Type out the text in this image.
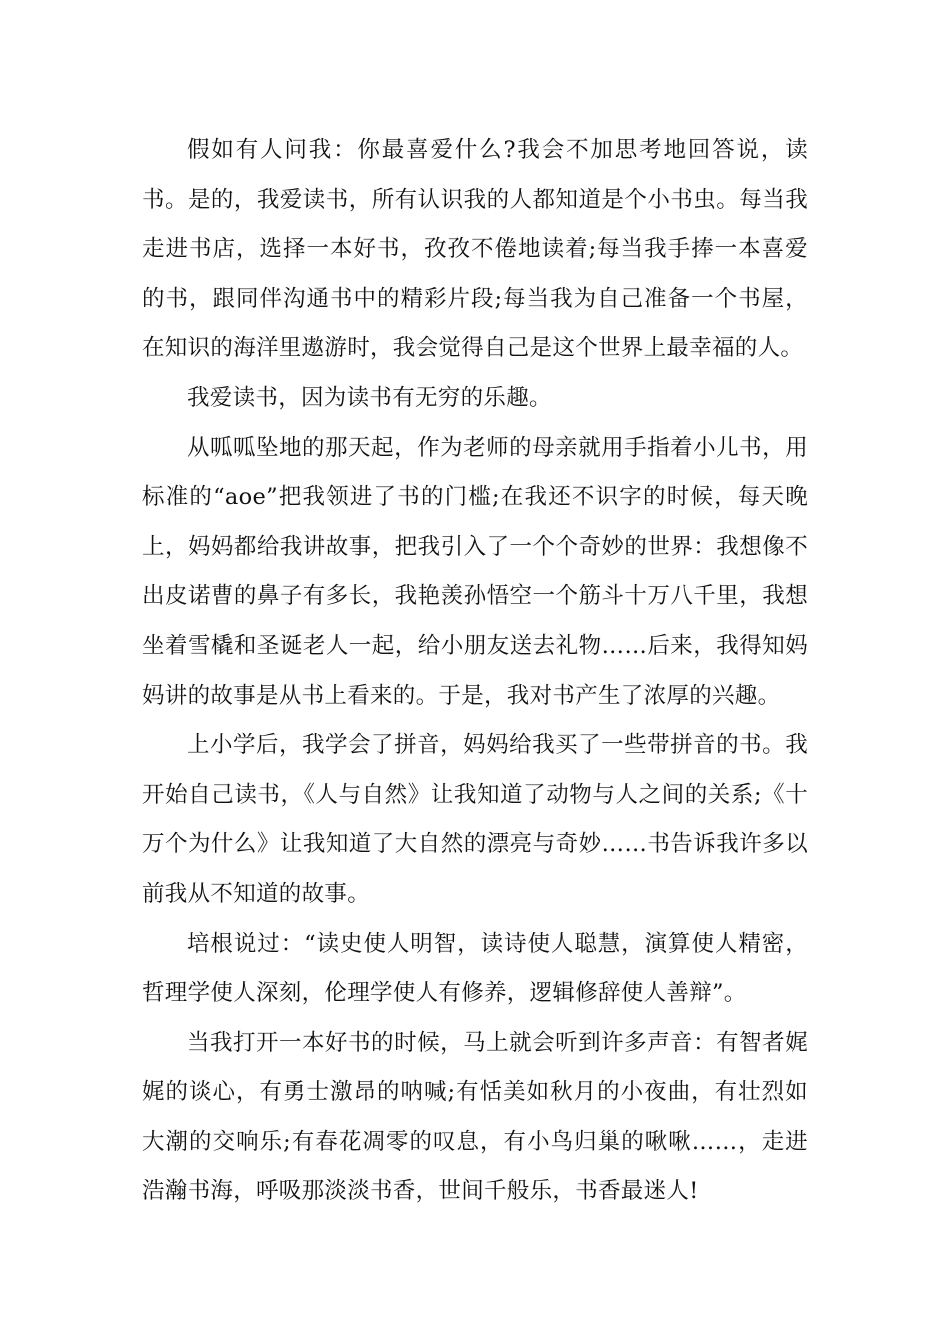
假如有人问我：你最喜爱什么?我会不加思考地回答说，读书。是的，我爱读书，所有认识我的人都知道是个小书虫。每当我走进书店，选择一本好书，孜孜不倦地读着;每当我手捧一本喜爱的书，跟同伴沟通书中的精彩片段;每当我为自己准备一个书屋，在知识的海洋里遨游时，我会觉得自己是这个世界上最幸福的人。

我爱读书，因为读书有无穷的乐趣。

从呱呱坠地的那天起，作为老师的母亲就用手指着小儿书，用标准的“aoe”把我领进了书的门槛;在我还不识字的时候，每天晚上，妈妈都给我讲故事，把我引入了一个个奇妙的世界：我想像不出皮诺曹的鼻子有多长，我艳羡孙悟空一个筋斗十万八千里，我想坐着雪橇和圣诞老人一起，给小朋友送去礼物……后来，我得知妈妈讲的故事是从书上看来的。于是，我对书产生了浓厚的兴趣。

上小学后，我学会了拼音，妈妈给我买了一些带拼音的书。我开始自己读书，《人与自然》让我知道了动物与人之间的关系;《十万个为什么》让我知道了大自然的漂亮与奇妙……书告诉我许多以前我从不知道的故事。

培根说过：“读史使人明智，读诗使人聪慧，演算使人精密，哲理学使人深刻，伦理学使人有修养，逻辑修辞使人善辩”。

当我打开一本好书的时候，马上就会听到许多声音：有智者娓娓的谈心，有勇士激昂的呐喊;有恬美如秋月的小夜曲，有壮烈如大潮的交响乐;有春花凋零的叹息，有小鸟归巢的啾啾……，走进浩瀚书海，呼吸那淡淡书香，世间千般乐，书香最迷人!
